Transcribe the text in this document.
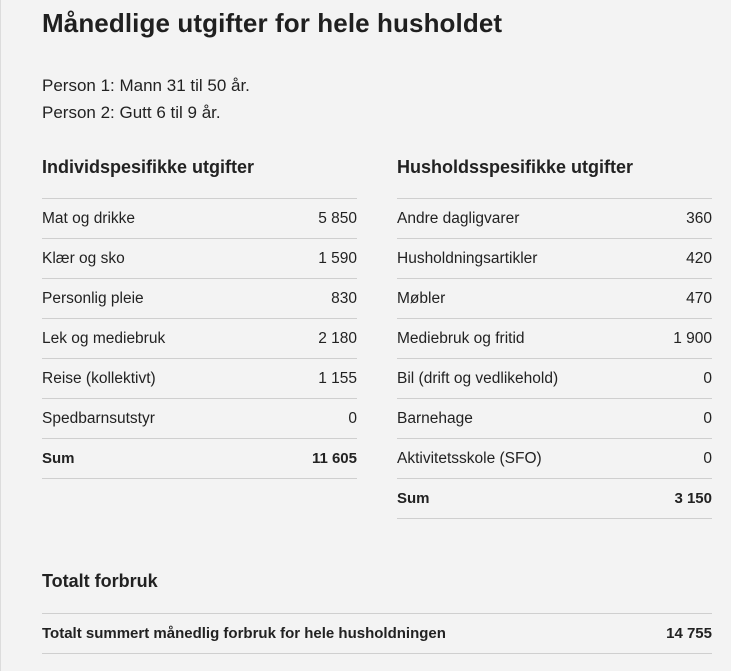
Månedlige utgifter for hele husholdet
Person 1: Mann 31 til 50 år.
Person 2: Gutt 6 til 9 år.
Individspesifikke utgifter
Mat og drikke	5 850
Klær og sko	1 590
Personlig pleie	830
Lek og mediebruk	2 180
Reise (kollektivt)	1 155
Spedbarnsutstyr	0
Sum	11 605
Husholdsspesifikke utgifter
Andre dagligvarer	360
Husholdningsartikler	420
Møbler	470
Mediebruk og fritid	1 900
Bil (drift og vedlikehold)	0
Barnehage	0
Aktivitetsskole (SFO)	0
Sum	3 150
Totalt forbruk
Totalt summert månedlig forbruk for hele husholdningen	14 755
